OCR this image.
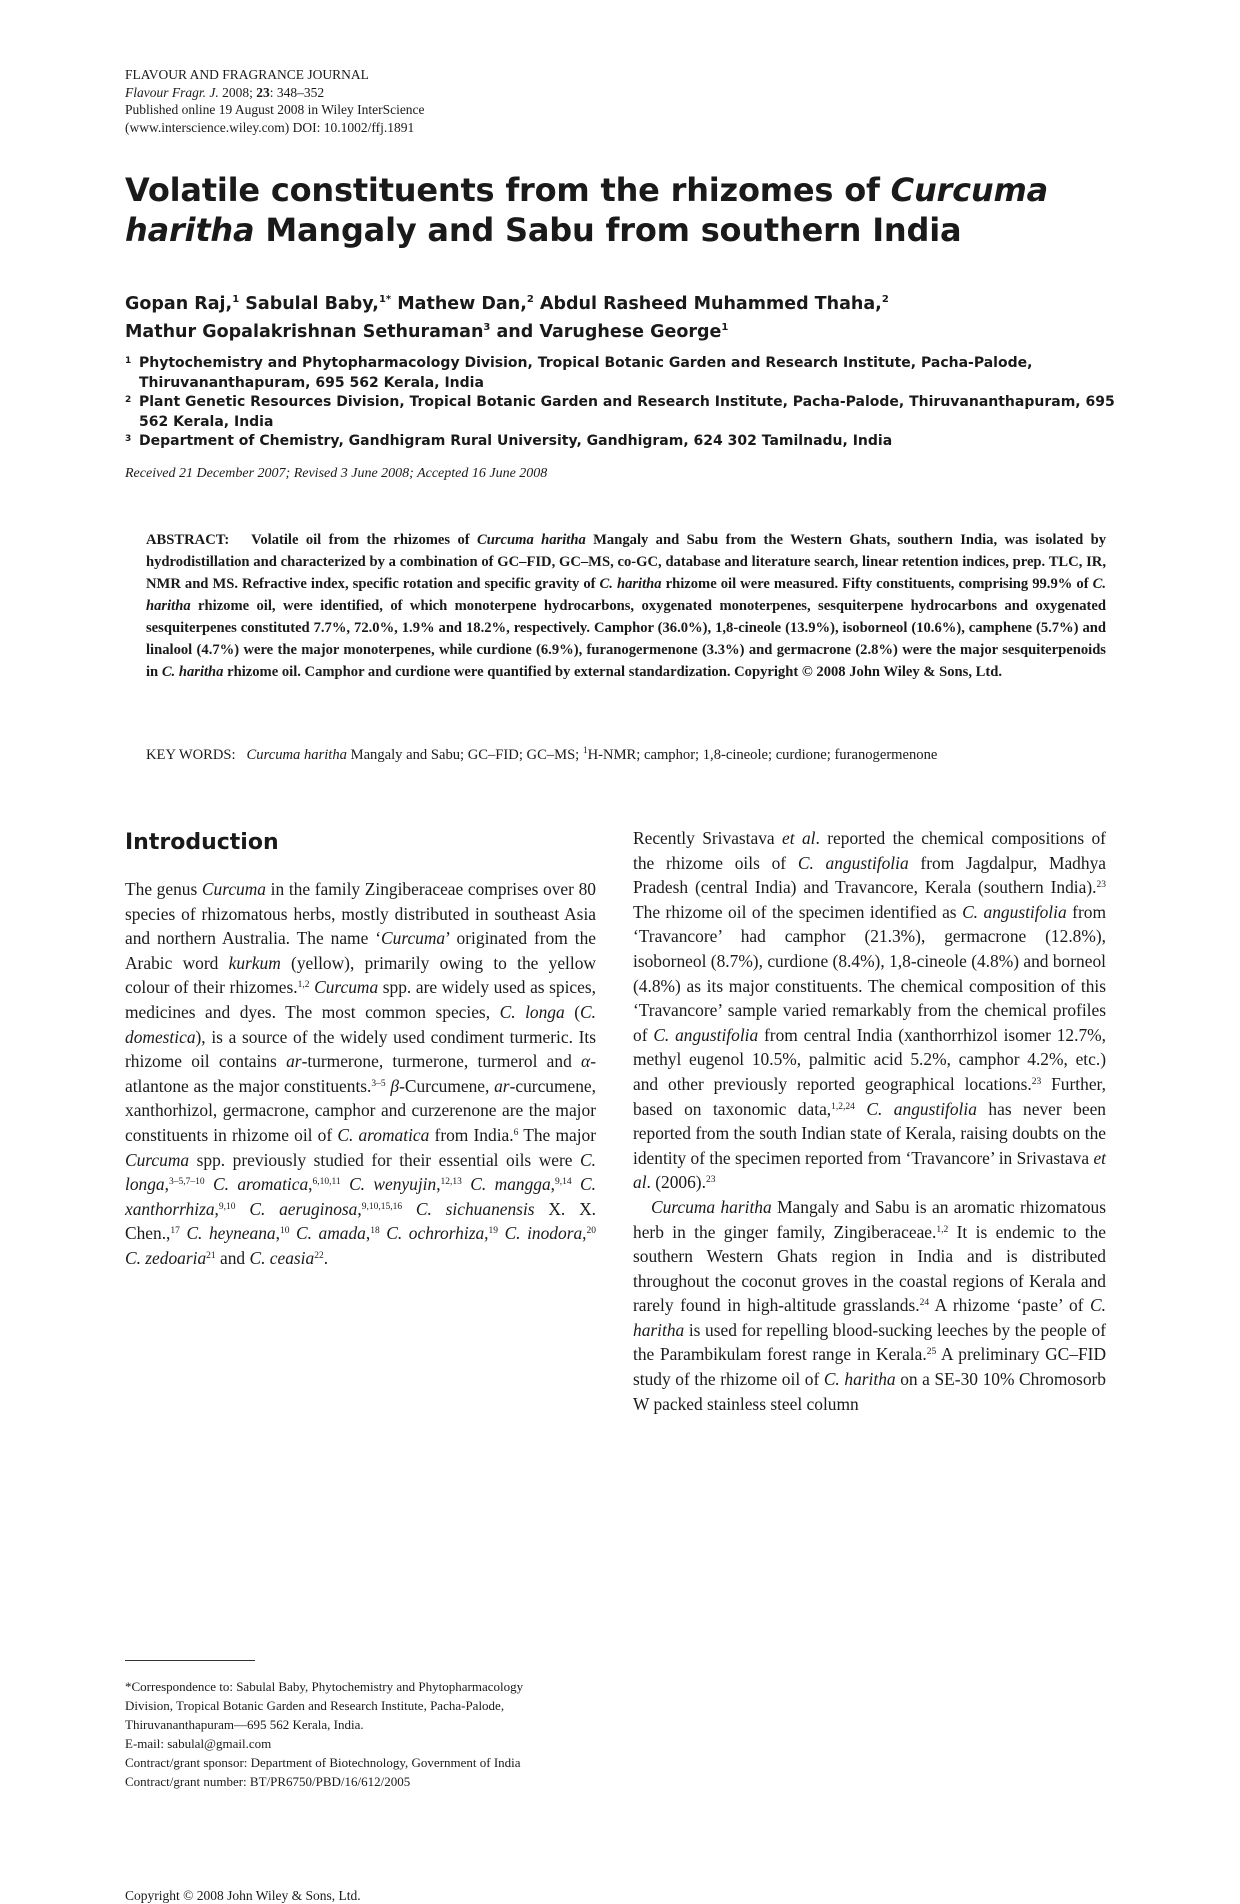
FLAVOUR AND FRAGRANCE JOURNAL
Flavour Fragr. J. 2008; 23: 348–352
Published online 19 August 2008 in Wiley InterScience
(www.interscience.wiley.com) DOI: 10.1002/ffj.1891
Volatile constituents from the rhizomes of Curcuma
haritha Mangaly and Sabu from southern India
Gopan Raj,$^1$ Sabulal Baby,$^{1*}$ Mathew Dan,$^2$ Abdul Rasheed Muhammed Thaha,$^2$
Mathur Gopalakrishnan Sethuraman$^3$ and Varughese George$^1$
1 Phytochemistry and Phytopharmacology Division, Tropical Botanic Garden and Research Institute, Pacha-Palode, Thiruvananthapuram, 695 562 Kerala, India
2 Plant Genetic Resources Division, Tropical Botanic Garden and Research Institute, Pacha-Palode, Thiruvananthapuram, 695 562 Kerala, India
3 Department of Chemistry, Gandhigram Rural University, Gandhigram, 624 302 Tamilnadu, India
Received 21 December 2007; Revised 3 June 2008; Accepted 16 June 2008
ABSTRACT: Volatile oil from the rhizomes of Curcuma haritha Mangaly and Sabu from the Western Ghats, southern India, was isolated by hydrodistillation and characterized by a combination of GC–FID, GC–MS, co-GC, database and literature search, linear retention indices, prep. TLC, IR, NMR and MS. Refractive index, specific rotation and specific gravity of C. haritha rhizome oil were measured. Fifty constituents, comprising 99.9% of C. haritha rhizome oil, were identified, of which monoterpene hydrocarbons, oxygenated monoterpenes, sesquiterpene hydrocarbons and oxygenated sesquiterpenes constituted 7.7%, 72.0%, 1.9% and 18.2%, respectively. Camphor (36.0%), 1,8-cineole (13.9%), isoborneol (10.6%), camphene (5.7%) and linalool (4.7%) were the major monoterpenes, while curdione (6.9%), furanogermenone (3.3%) and germacrone (2.8%) were the major sesquiterpenoids in C. haritha rhizome oil. Camphor and curdione were quantified by external standardization. Copyright © 2008 John Wiley & Sons, Ltd.
KEY WORDS: Curcuma haritha Mangaly and Sabu; GC–FID; GC–MS; $^1$H-NMR; camphor; 1,8-cineole; curdione; furanogermenone
Introduction

The genus Curcuma in the family Zingiberaceae comprises over 80 species of rhizomatous herbs, mostly distributed in southeast Asia and northern Australia. The name ‘Curcuma’ originated from the Arabic word kurkum (yellow), primarily owing to the yellow colour of their rhizomes.$^{1,2}$ Curcuma spp. are widely used as spices, medicines and dyes. The most common species, C. longa (C. domestica), is a source of the widely used condiment turmeric. Its rhizome oil contains ar-turmerone, turmerone, turmerol and α-atlantone as the major constituents.$^{3-5}$ β-Curcumene, ar-curcumene, xanthorhizol, germacrone, camphor and curzerenone are the major constituents in rhizome oil of C. aromatica from India.$^6$ The major Curcuma spp. previously studied for their essential oils were C. longa,$^{3-5,7-10}$ C. aromatica,$^{6,10,11}$ C. wenyujin,$^{12,13}$ C. mangga,$^{9,14}$ C. xanthorrhiza,$^{9,10}$ C. aeruginosa,$^{9,10,15,16}$ C. sichuanensis X. X. Chen.,$^{17}$ C. heyneana,$^{10}$ C. amada,$^{18}$ C. ochrorhiza,$^{19}$ C. inodora,$^{20}$ C. zedoaria$^{21}$ and C. ceasia$^{22}$.

Recently Srivastava et al. reported the chemical compositions of the rhizome oils of C. angustifolia from Jagdalpur, Madhya Pradesh (central India) and Travancore, Kerala (southern India).$^{23}$ The rhizome oil of the specimen identified as C. angustifolia from ‘Travancore’ had camphor (21.3%), germacrone (12.8%), isoborneol (8.7%), curdione (8.4%), 1,8-cineole (4.8%) and borneol (4.8%) as its major constituents. The chemical composition of this ‘Travancore’ sample varied remarkably from the chemical profiles of C. angustifolia from central India (xanthorrhizol isomer 12.7%, methyl eugenol 10.5%, palmitic acid 5.2%, camphor 4.2%, etc.) and other previously reported geographical locations.$^{23}$ Further, based on taxonomic data,$^{1,2,24}$ C. angustifolia has never been reported from the south Indian state of Kerala, raising doubts on the identity of the specimen reported from ‘Travancore’ in Srivastava et al. (2006).$^{23}$

Curcuma haritha Mangaly and Sabu is an aromatic rhizomatous herb in the ginger family, Zingiberaceae.$^{1,2}$ It is endemic to the southern Western Ghats region in India and is distributed throughout the coconut groves in the coastal regions of Kerala and rarely found in high-altitude grasslands.$^{24}$ A rhizome ‘paste’ of C. haritha is used for repelling blood-sucking leeches by the people of the Parambikulam forest range in Kerala.$^{25}$ A preliminary GC–FID study of the rhizome oil of C. haritha on a SE-30 10% Chromosorb W packed stainless steel column

*Correspondence to: Sabulal Baby, Phytochemistry and Phytopharmacology
Division, Tropical Botanic Garden and Research Institute, Pacha-Palode,
Thiruvananthapuram—695 562 Kerala, India.
E-mail: sabulal@gmail.com
Contract/grant sponsor: Department of Biotechnology, Government of India
Contract/grant number: BT/PR6750/PBD/16/612/2005
Copyright © 2008 John Wiley & Sons, Ltd.
